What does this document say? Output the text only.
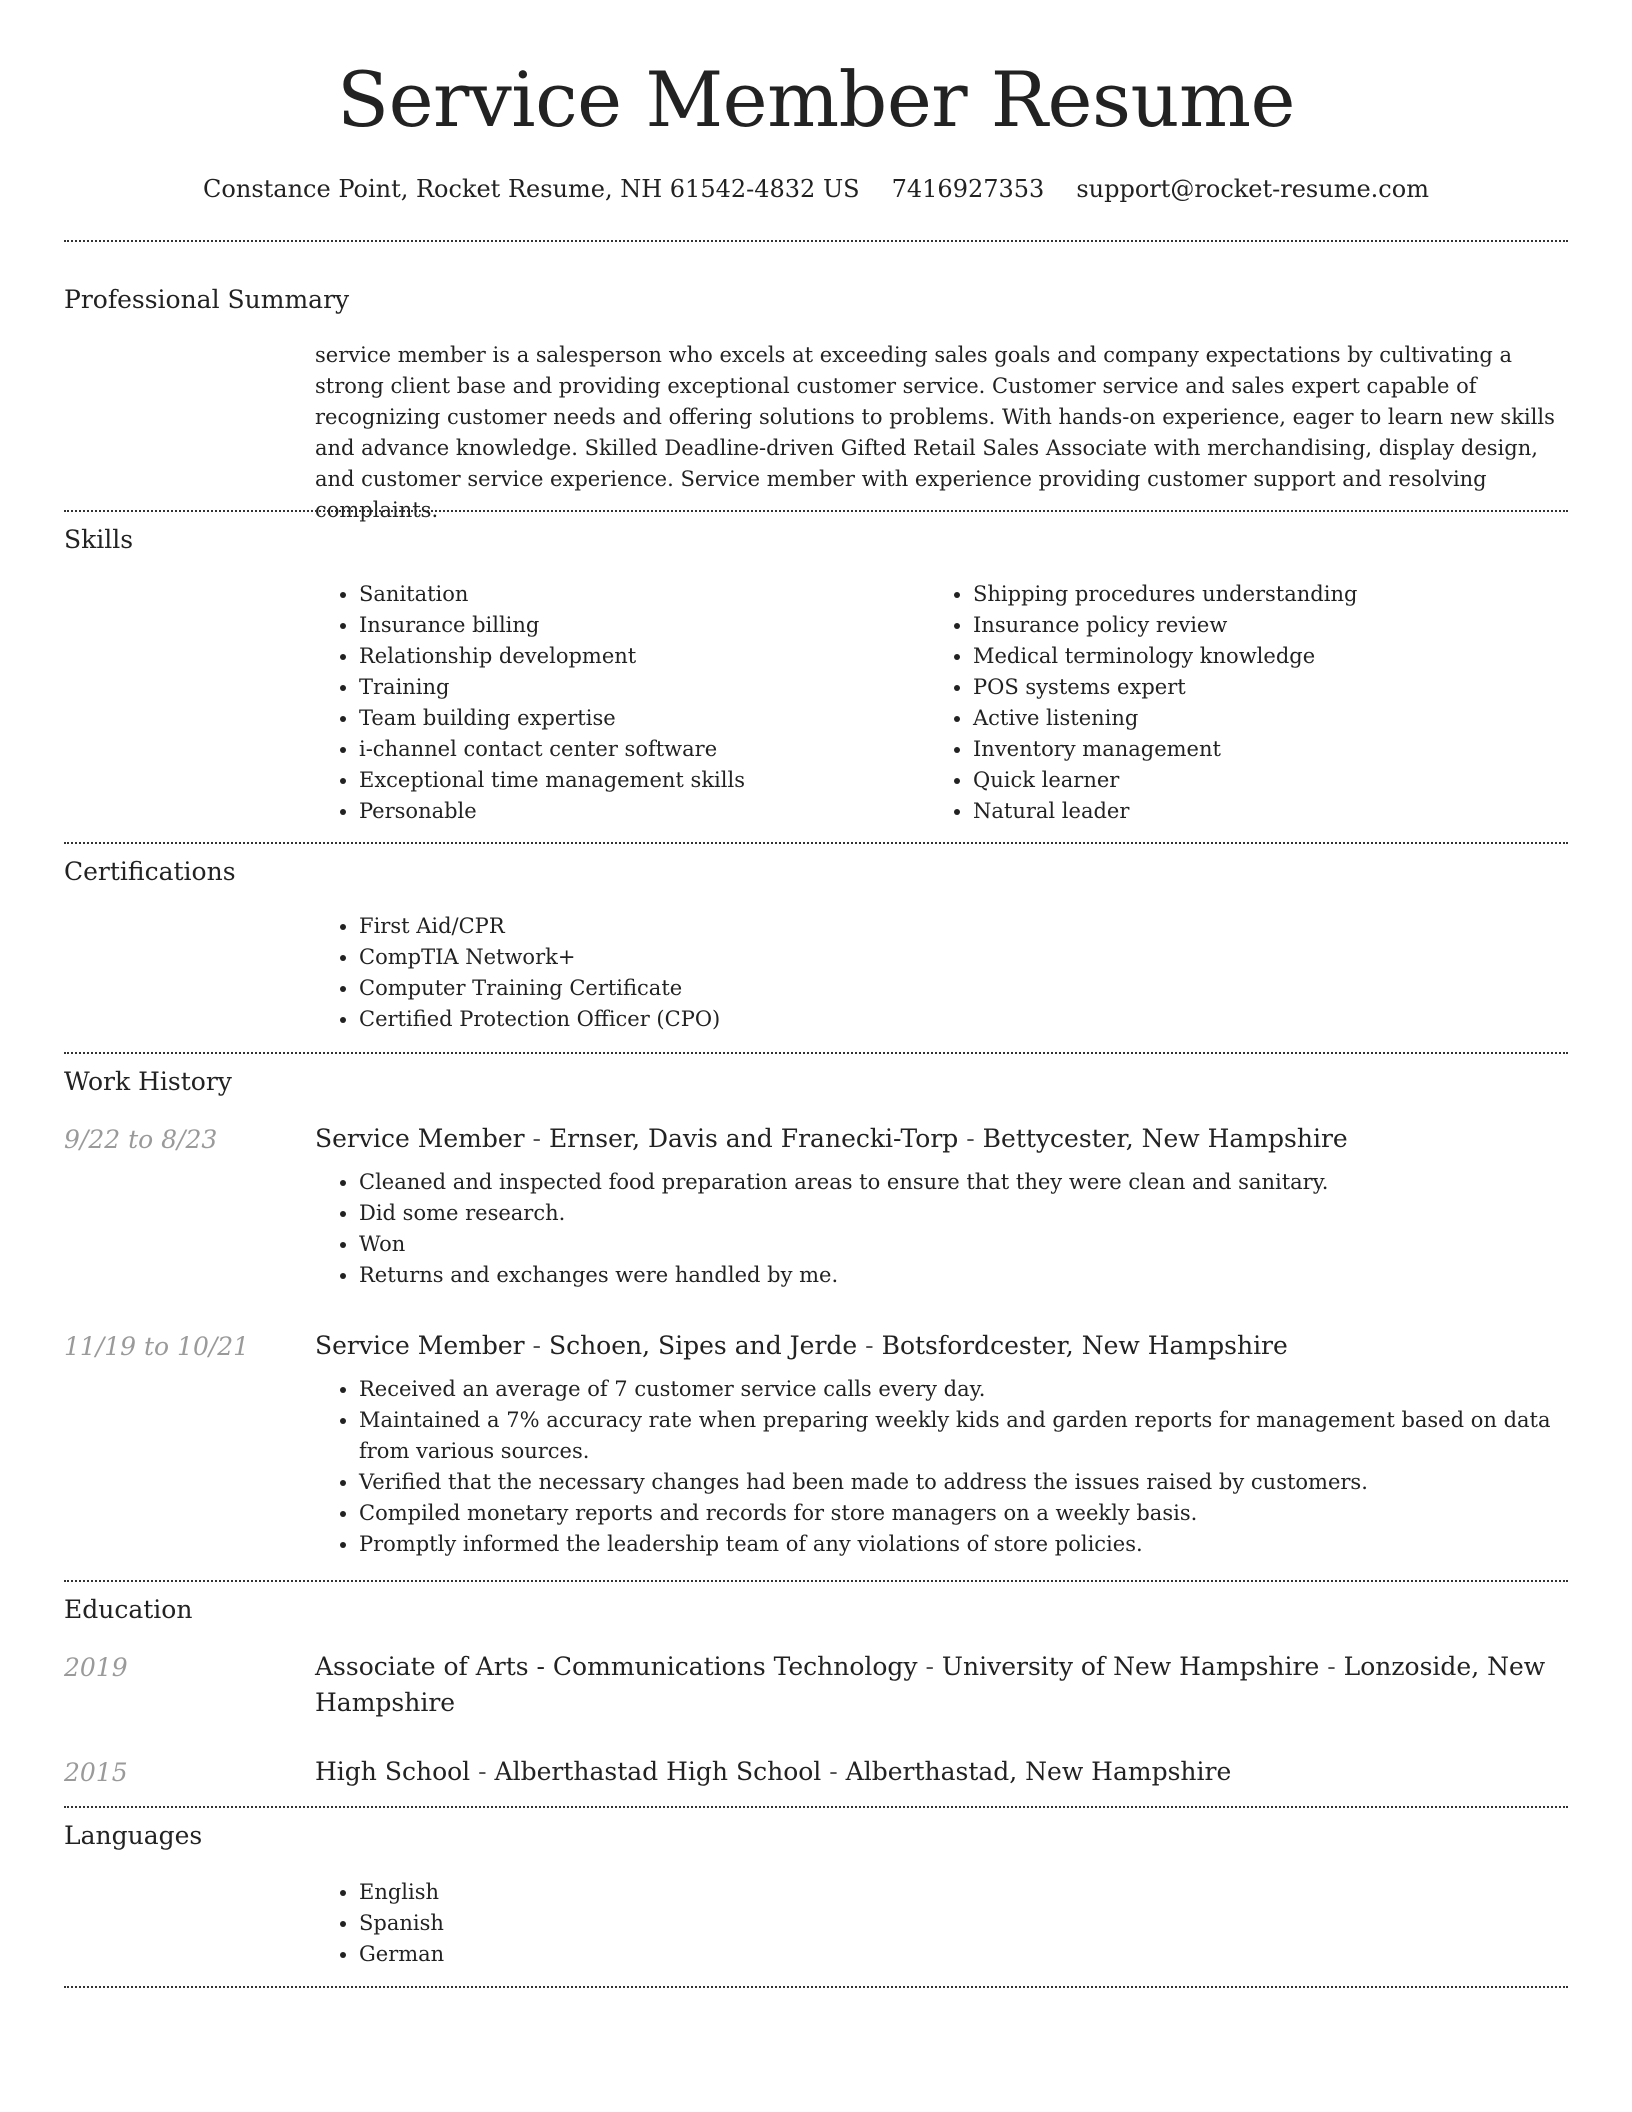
Service Member Resume
Constance Point, Rocket Resume, NH 61542-4832 US 7416927353 support@rocket-resume.com
Professional Summary

service member is a salesperson who excels at exceeding sales goals and company expectations by cultivating a strong client base and providing exceptional customer service. Customer service and sales expert capable of recognizing customer needs and offering solutions to problems. With hands-on experience, eager to learn new skills and advance knowledge. Skilled Deadline-driven Gifted Retail Sales Associate with merchandising, display design, and customer service experience. Service member with experience providing customer support and resolving complaints.

Skills
• Sanitation
• Insurance billing
• Relationship development
• Training
• Team building expertise
• i-channel contact center software
• Exceptional time management skills
• Personable
• Shipping procedures understanding
• Insurance policy review
• Medical terminology knowledge
• POS systems expert
• Active listening
• Inventory management
• Quick learner
• Natural leader
Certifications
• First Aid/CPR
• CompTIA Network+
• Computer Training Certificate
• Certified Protection Officer (CPO)
Work History
9/22 to 8/23	Service Member - Ernser, Davis and Franecki-Torp - Bettycester, New Hampshire

• Cleaned and inspected food preparation areas to ensure that they were clean and sanitary.
• Did some research.
• Won
• Returns and exchanges were handled by me.
11/19 to 10/21	Service Member - Schoen, Sipes and Jerde - Botsfordcester, New Hampshire

• Received an average of 7 customer service calls every day.
• Maintained a 7% accuracy rate when preparing weekly kids and garden reports for management based on data from various sources.
• Verified that the necessary changes had been made to address the issues raised by customers.
• Compiled monetary reports and records for store managers on a weekly basis.
• Promptly informed the leadership team of any violations of store policies.
Education
2019	Associate of Arts - Communications Technology - University of New Hampshire - Lonzoside, New Hampshire

2015	High School - Alberthastad High School - Alberthastad, New Hampshire

Languages
• English
• Spanish
• German
